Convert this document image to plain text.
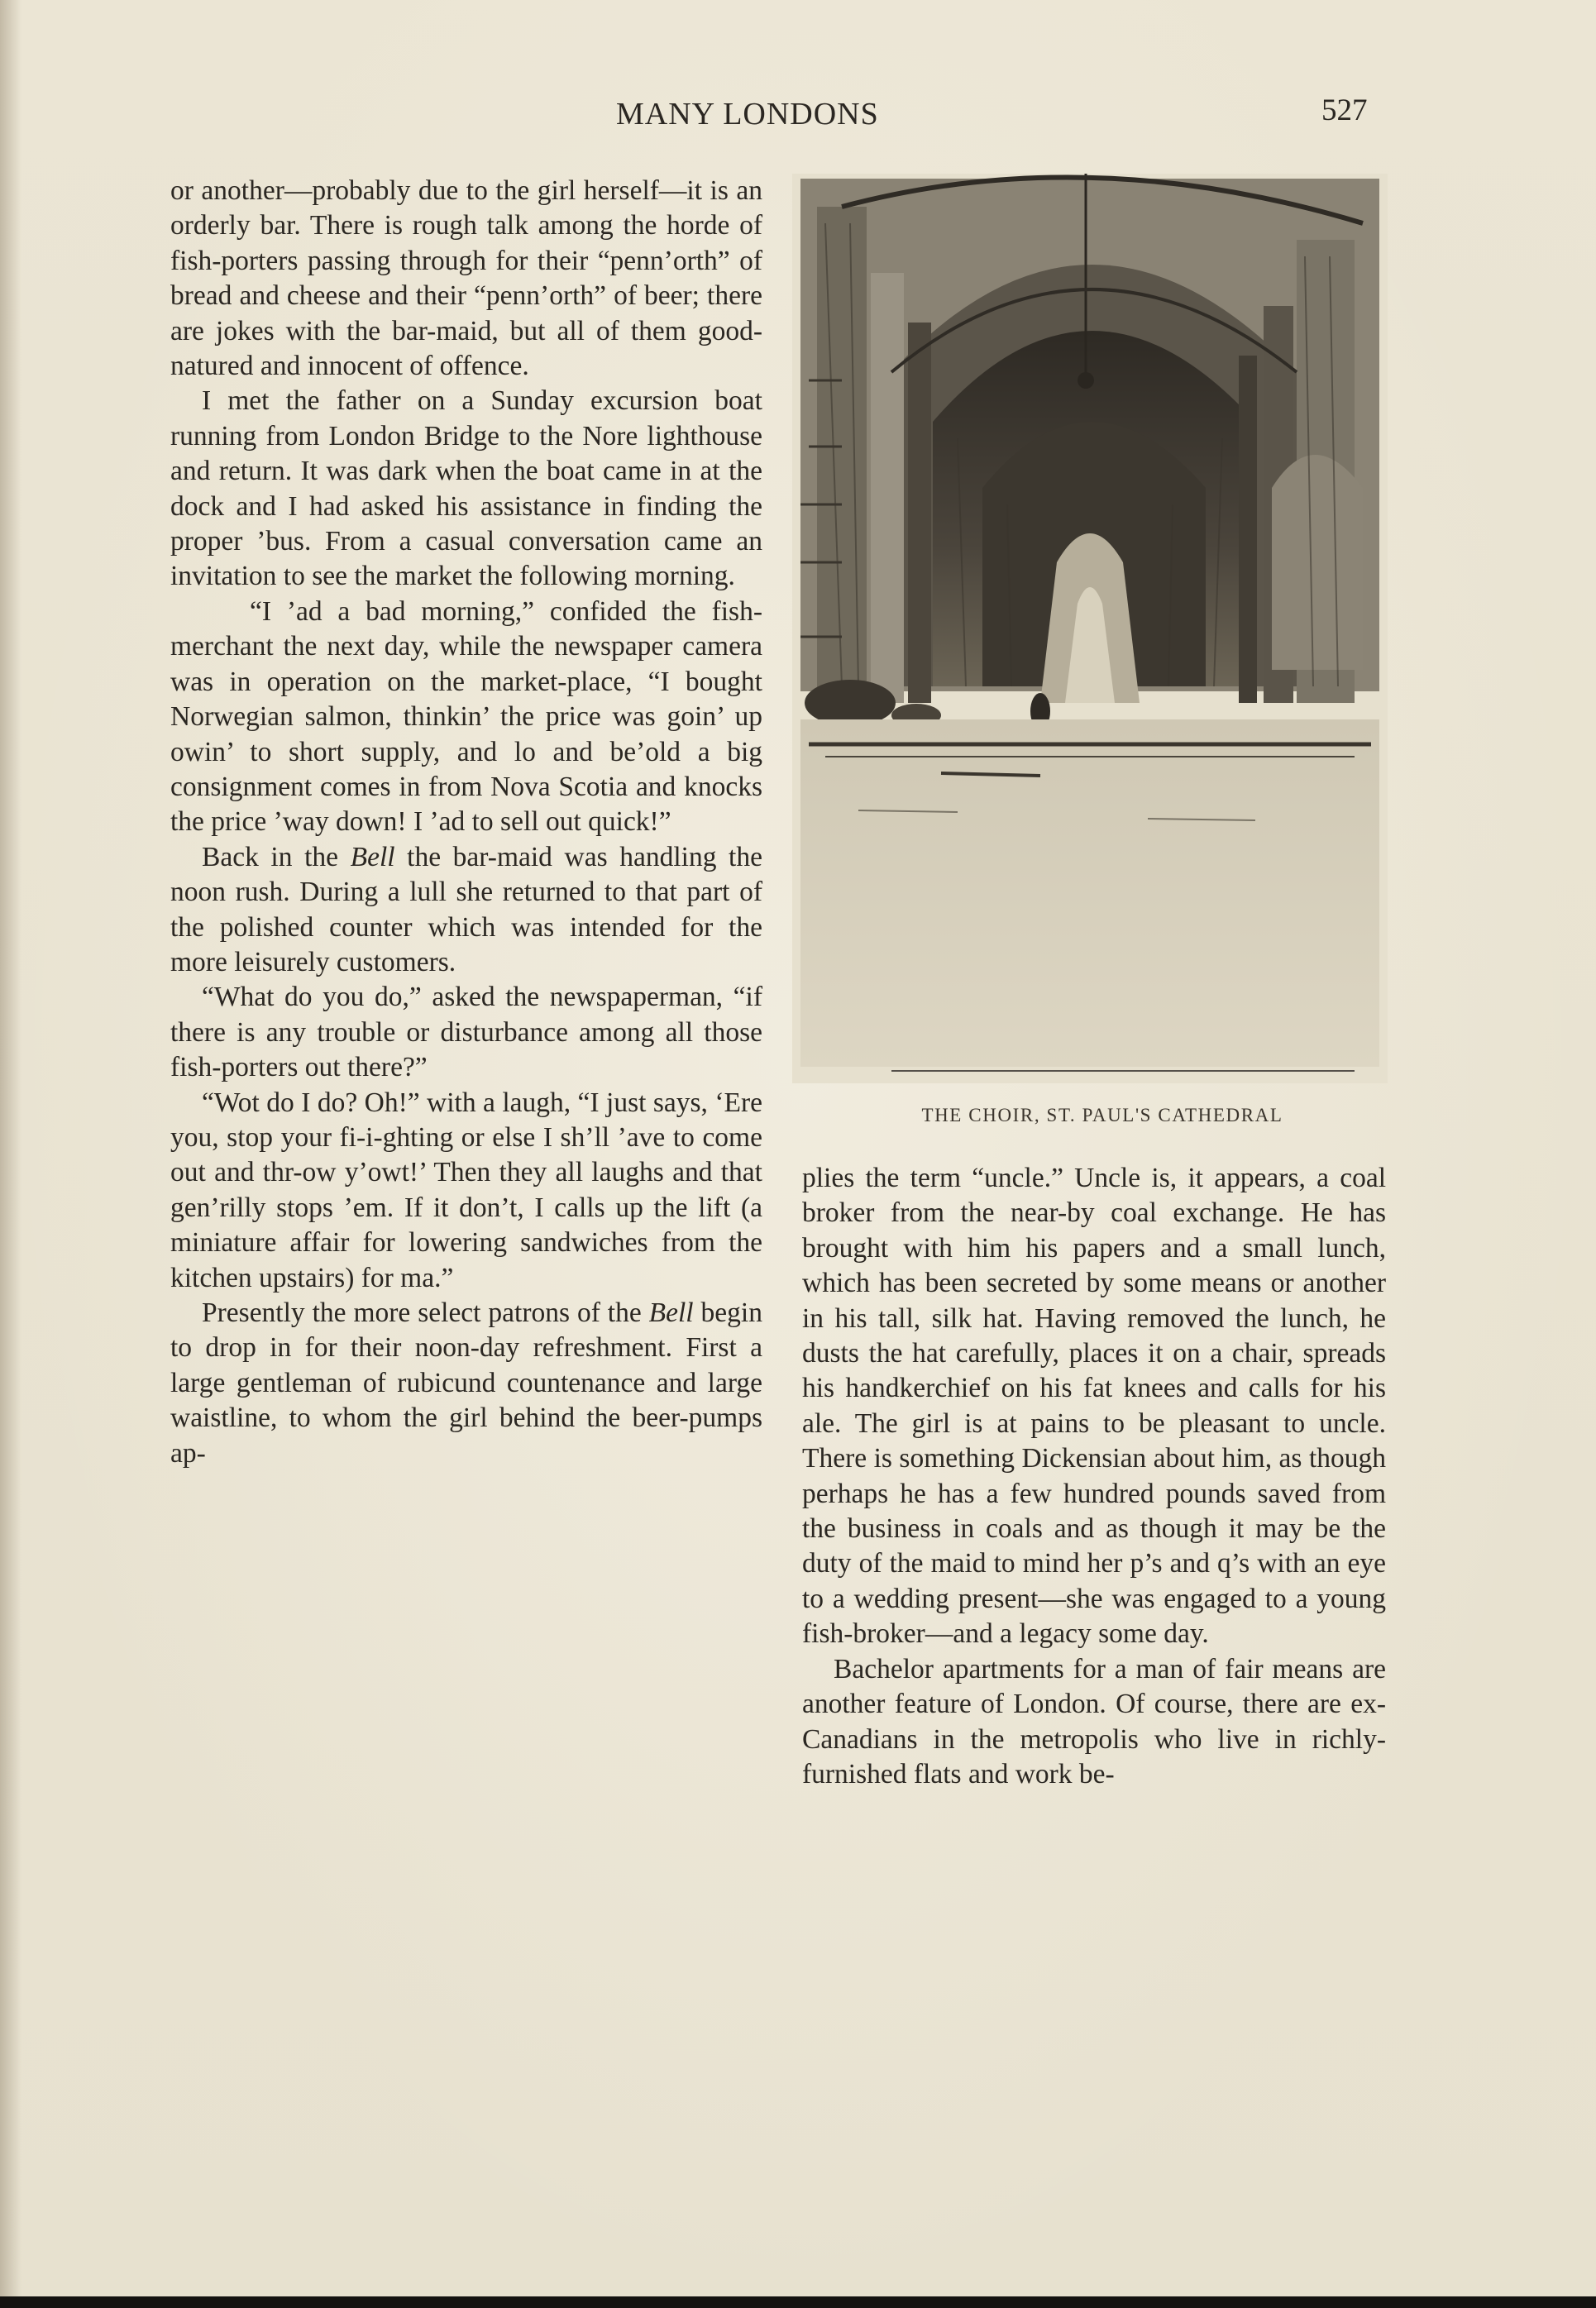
MANY LONDONS	527

or another—probably due to the girl herself—it is an orderly bar. There is rough talk among the horde of fish-porters passing through for their “penn’orth” of bread and cheese and their “penn’orth” of beer; there are jokes with the bar-maid, but all of them good-natured and innocent of offence.

I met the father on a Sunday excursion boat running from London Bridge to the Nore lighthouse and return. It was dark when the boat came in at the dock and I had asked his assistance in finding the proper ’bus. From a casual conversation came an invitation to see the market the following morning.

“I ’ad a bad morning,” confided the fish-merchant the next day, while the newspaper camera was in operation on the market-place, “I bought Norwegian salmon, thinkin’ the price was goin’ up owin’ to short supply, and lo and be’old a big consignment comes in from Nova Scotia and knocks the price ’way down! I ’ad to sell out quick!”

Back in the Bell the bar-maid was handling the noon rush. During a lull she returned to that part of the polished counter which was intended for the more leisurely customers.

“What do you do,” asked the newspaperman, “if there is any trouble or disturbance among all those fish-porters out there?”

“Wot do I do? Oh!” with a laugh, “I just says, ‘Ere you, stop your fi-i-ghting or else I sh’ll ’ave to come out and thr-ow y’owt!’ Then they all laughs and that gen’rilly stops ’em. If it don’t, I calls up the lift (a miniature affair for lowering sandwiches from the kitchen upstairs) for ma.”

Presently the more select patrons of the Bell begin to drop in for their noon-day refreshment. First a large gentleman of rubicund countenance and large waistline, to whom the girl behind the beer-pumps ap-

THE CHOIR, ST. PAUL'S CATHEDRAL

plies the term “uncle.” Uncle is, it appears, a coal broker from the near-by coal exchange. He has brought with him his papers and a small lunch, which has been secreted by some means or another in his tall, silk hat. Having removed the lunch, he dusts the hat carefully, places it on a chair, spreads his handkerchief on his fat knees and calls for his ale. The girl is at pains to be pleasant to uncle. There is something Dickensian about him, as though perhaps he has a few hundred pounds saved from the business in coals and as though it may be the duty of the maid to mind her p’s and q’s with an eye to a wedding present—she was engaged to a young fish-broker—and a legacy some day.

Bachelor apartments for a man of fair means are another feature of London. Of course, there are ex-Canadians in the metropolis who live in richly-furnished flats and work be-
